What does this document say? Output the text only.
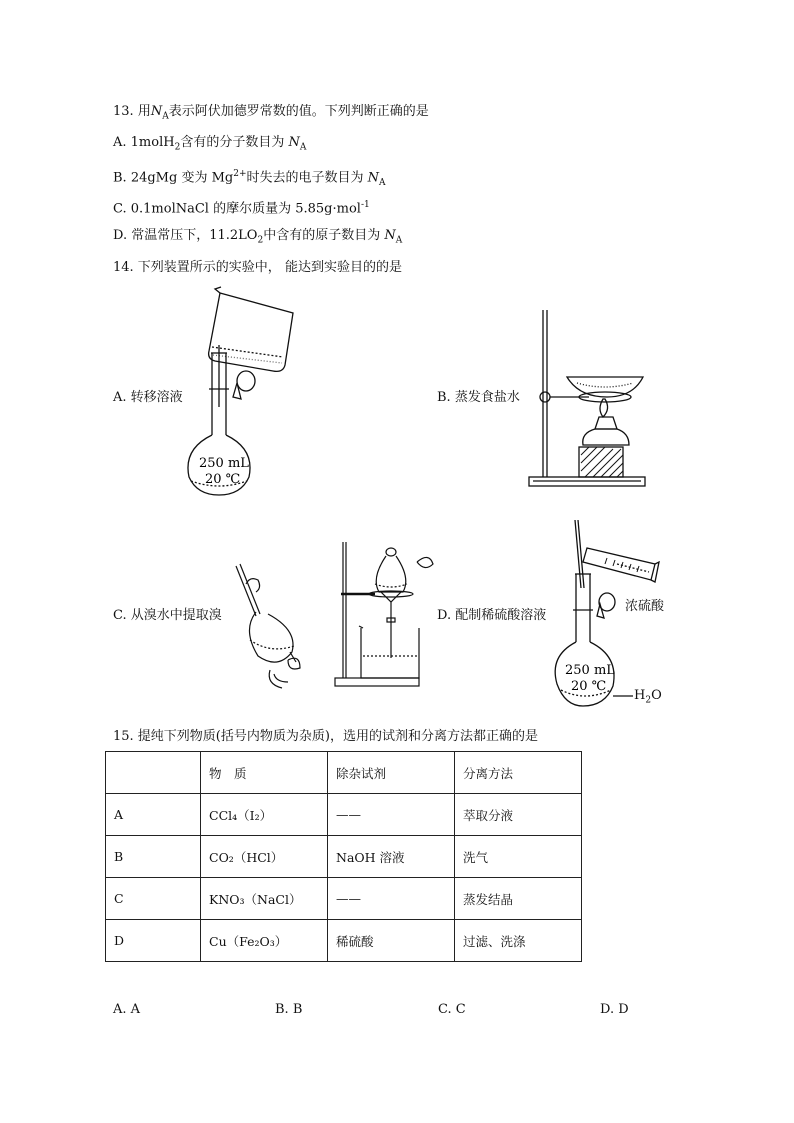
13. 用$N_A$表示阿伏加德罗常数的值。下列判断正确的是
A. 1molH$_2$含有的分子数目为 $N_A$
B. 24gMg 变为 $Mg^{2+}$时失去的电子数目为 $N_A$
C. 0.1molNaCl 的摩尔质量为 5.85g·mol$^{-1}$
D. 常温常压下，$11.2LO_2$中含有的原子数目为 $N_A$
14. 下列装置所示的实验中， 能达到实验目的的是
A. 转移溶液	B. 蒸发食盐水
C. 从溴水中提取溴	D. 配制稀硫酸溶液
250 mL
20 ℃
250 mL
20 ℃
浓硫酸
$H_2O$
15. 提纯下列物质(括号内物质为杂质)，选用的试剂和分离方法都正确的是
	物　质	除杂试剂	分离方法
A	CCl₄（I₂）	——	萃取分液
B	CO₂（HCl）	NaOH 溶液	洗气
C	KNO₃（NaCl）	——	蒸发结晶
D	Cu（Fe₂O₃）	稀硫酸	过滤、洗涤
A. A	B. B	C. C	D. D
